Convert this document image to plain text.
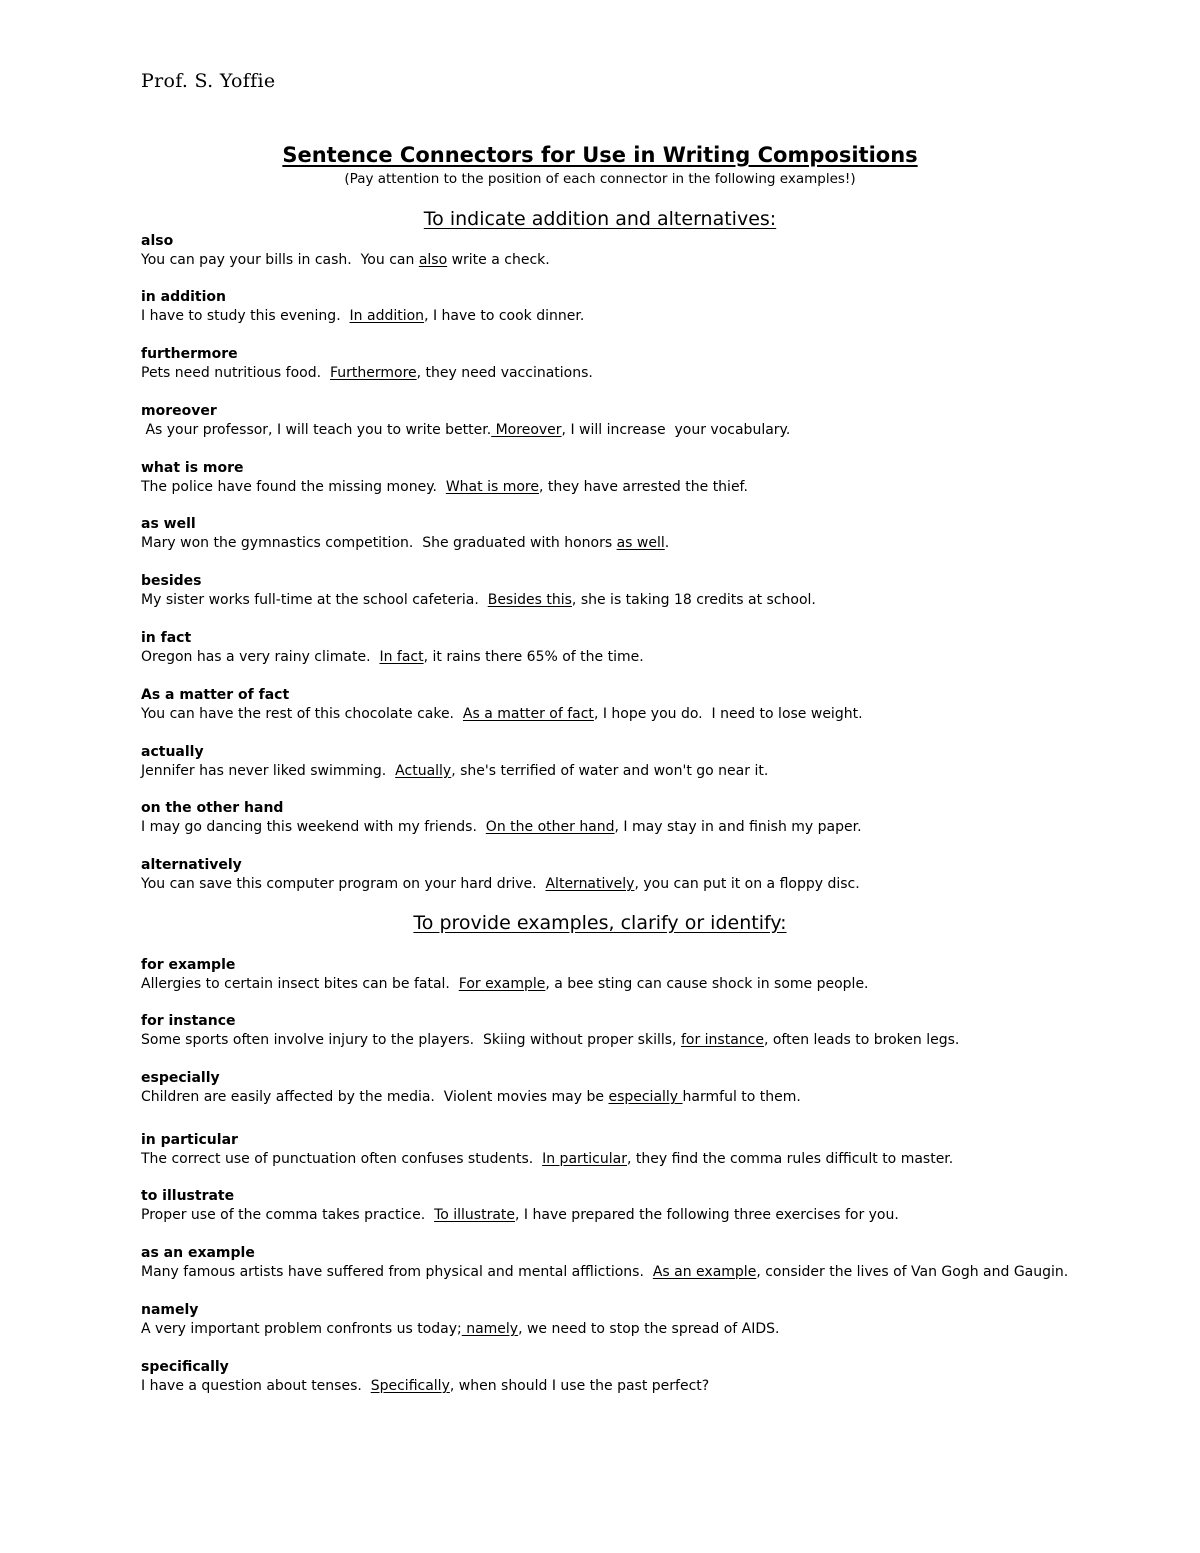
Prof. S. Yoffie
Sentence Connectors for Use in Writing Compositions
(Pay attention to the position of each connector in the following examples!)
To indicate addition and alternatives:
also
You can pay your bills in cash.  You can also write a check.
in addition
I have to study this evening.  In addition, I have to cook dinner.
furthermore
Pets need nutritious food.  Furthermore, they need vaccinations.
moreover
As your professor, I will teach you to write better. Moreover, I will increase  your vocabulary.
what is more
The police have found the missing money.  What is more, they have arrested the thief.
as well
Mary won the gymnastics competition.  She graduated with honors as well.
besides
My sister works full-time at the school cafeteria.  Besides this, she is taking 18 credits at school.
in fact
Oregon has a very rainy climate.  In fact, it rains there 65% of the time.
As a matter of fact
You can have the rest of this chocolate cake.  As a matter of fact, I hope you do.  I need to lose weight.
actually
Jennifer has never liked swimming.  Actually, she's terrified of water and won't go near it.
on the other hand
I may go dancing this weekend with my friends.  On the other hand, I may stay in and finish my paper.
alternatively
You can save this computer program on your hard drive.  Alternatively, you can put it on a floppy disc.
To provide examples, clarify or identify:
for example
Allergies to certain insect bites can be fatal.  For example, a bee sting can cause shock in some people.
for instance
Some sports often involve injury to the players.  Skiing without proper skills, for instance, often leads to broken legs.
especially
Children are easily affected by the media.  Violent movies may be especially harmful to them.
in particular
The correct use of punctuation often confuses students.  In particular, they find the comma rules difficult to master.
to illustrate
Proper use of the comma takes practice.  To illustrate, I have prepared the following three exercises for you.
as an example
Many famous artists have suffered from physical and mental afflictions.  As an example, consider the lives of Van Gogh and Gaugin.
namely
A very important problem confronts us today; namely, we need to stop the spread of AIDS.
specifically
I have a question about tenses.  Specifically, when should I use the past perfect?
